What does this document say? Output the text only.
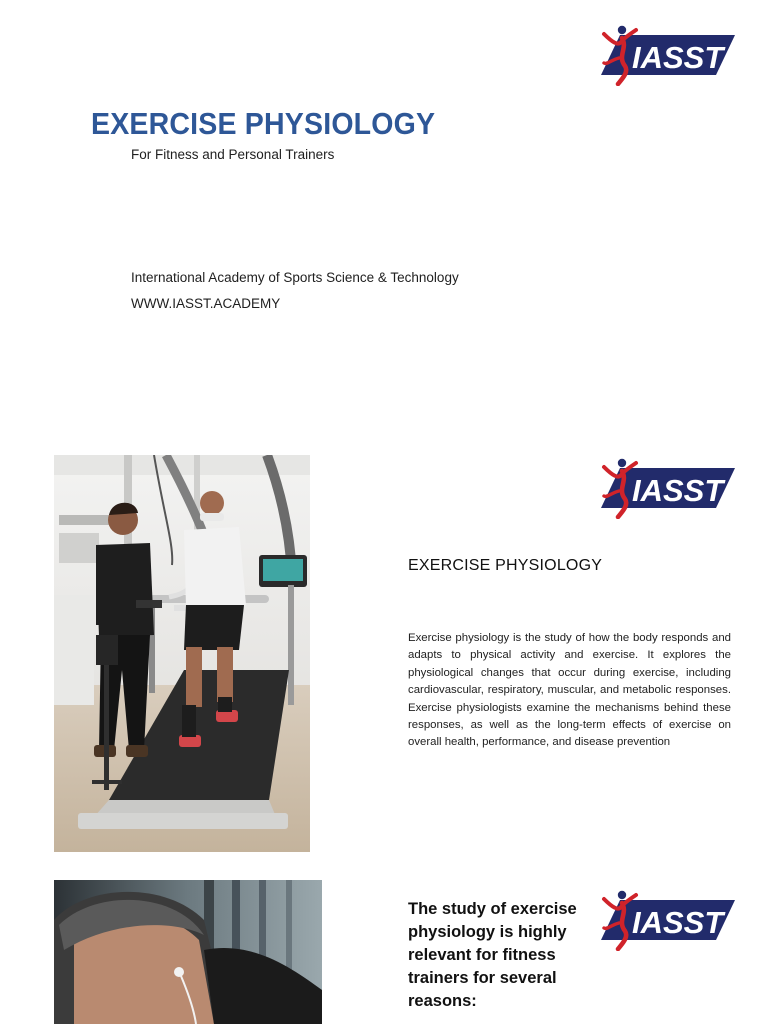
IASST
EXERCISE PHYSIOLOGY
For Fitness and Personal Trainers
International Academy of Sports Science & Technology
WWW.IASST.ACADEMY
IASST
EXERCISE PHYSIOLOGY

Exercise physiology is the study of how the body responds and adapts to physical activity and exercise. It explores the physiological changes that occur during exercise, including cardiovascular, respiratory, muscular, and metabolic responses. Exercise physiologists examine the mechanisms behind these responses, as well as the long-term effects of exercise on overall health, performance, and disease prevention

The study of exercise physiology is highly relevant for fitness trainers for several reasons:
IASST
